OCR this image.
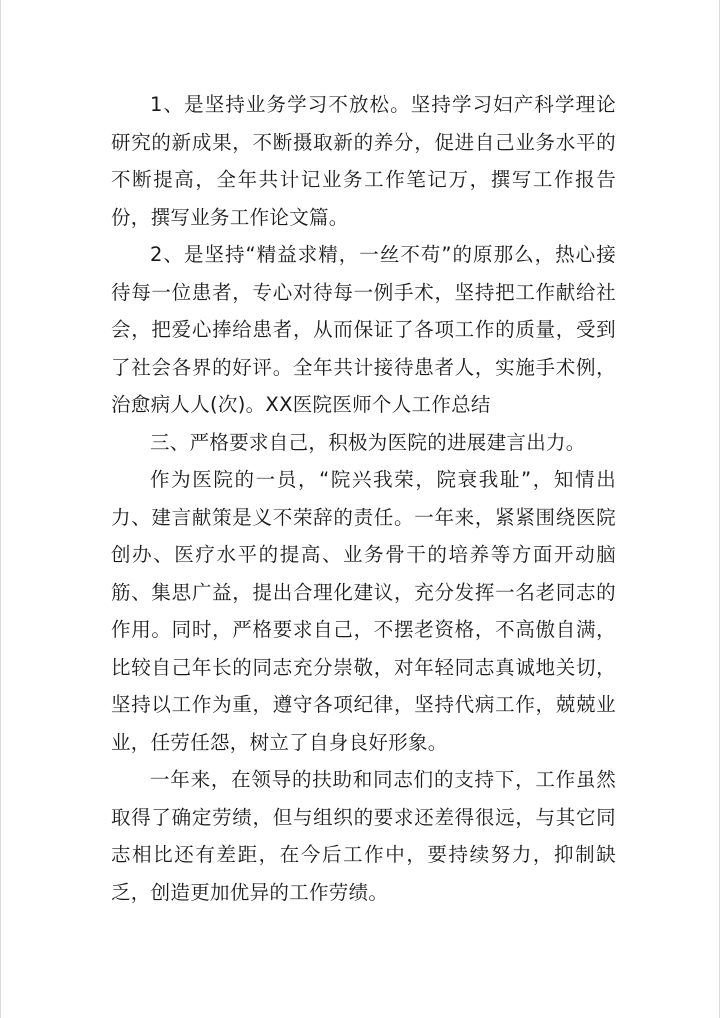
1、是坚持业务学习不放松。坚持学习妇产科学理论研究的新成果，不断摄取新的养分，促进自己业务水平的不断提高，全年共计记业务工作笔记万，撰写工作报告份，撰写业务工作论文篇。

2、是坚持“精益求精，一丝不苟”的原那么，热心接待每一位患者，专心对待每一例手术，坚持把工作献给社会，把爱心捧给患者，从而保证了各项工作的质量，受到了社会各界的好评。全年共计接待患者人，实施手术例，治愈病人人(次)。XX医院医师个人工作总结

三、严格要求自己，积极为医院的进展建言出力。

作为医院的一员，“院兴我荣，院衰我耻”，知情出力、建言献策是义不荣辞的责任。一年来，紧紧围绕医院创办、医疗水平的提高、业务骨干的培养等方面开动脑筋、集思广益，提出合理化建议，充分发挥一名老同志的作用。同时，严格要求自己，不摆老资格，不高傲自满，比较自己年长的同志充分崇敬，对年轻同志真诚地关切，坚持以工作为重，遵守各项纪律，坚持代病工作，兢兢业业，任劳任怨，树立了自身良好形象。

一年来，在领导的扶助和同志们的支持下，工作虽然取得了确定劳绩，但与组织的要求还差得很远，与其它同志相比还有差距，在今后工作中，要持续努力，抑制缺乏，创造更加优异的工作劳绩。
